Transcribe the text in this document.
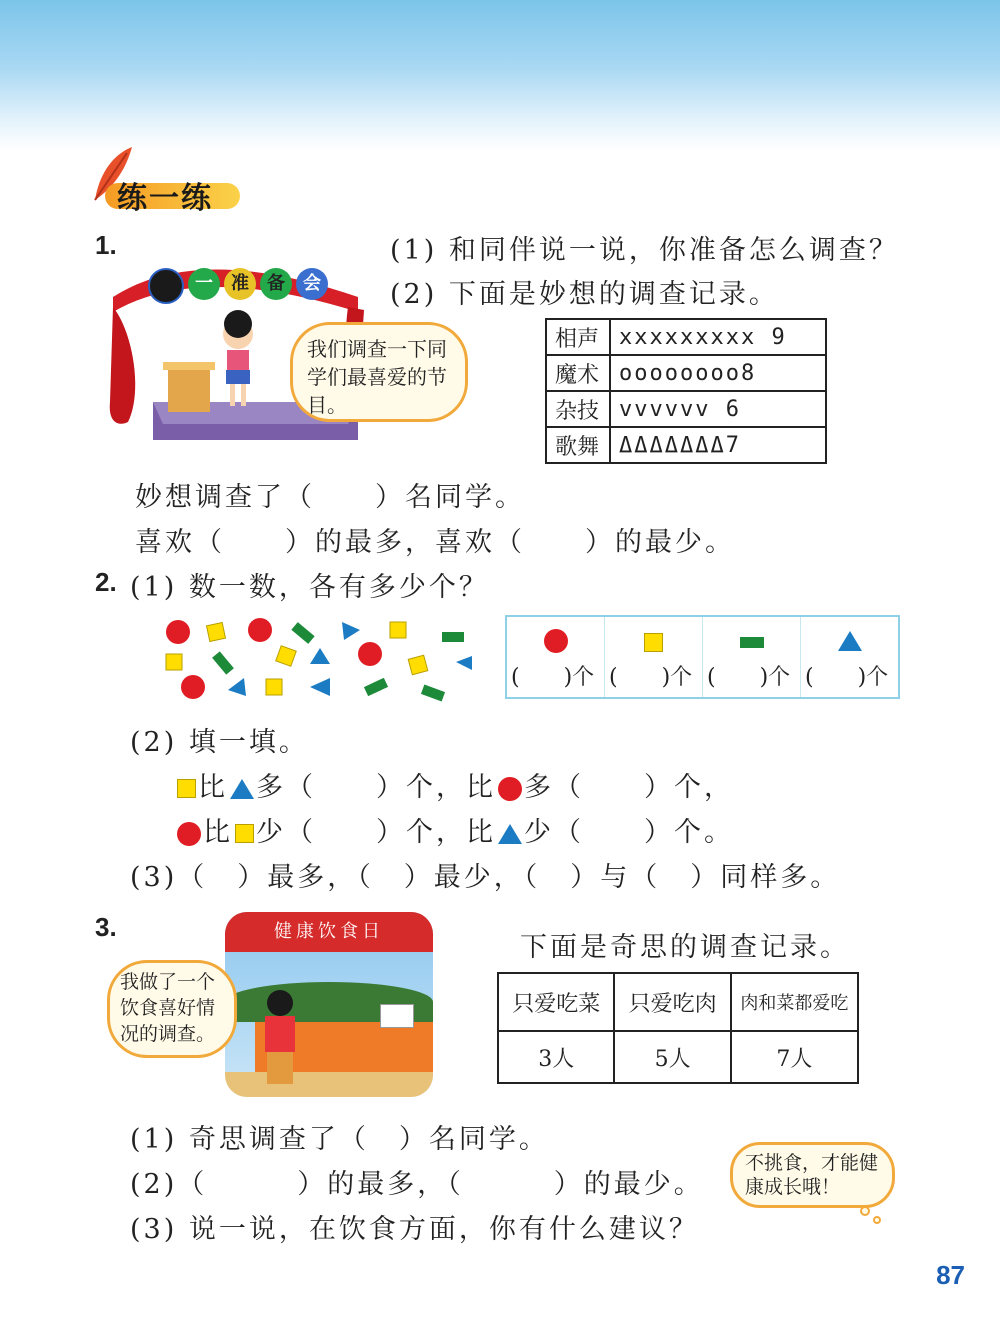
练一练
1.	(1) 和同伴说一说，你准备怎么调查？
(2) 下面是妙想的调查记录。
一	准	备	会
我们调查一下同学们最喜爱的节目。
相声	xxxxxxxxx 9
魔术	oooooooo8
杂技	vvvvvv 6
歌舞	ΔΔΔΔΔΔΔ7
妙想调查了（　　）名同学。
喜欢（　　）的最多，喜欢（　　）的最少。
2. (1) 数一数，各有多少个？
(　　)个 (　　)个 (　　)个 (　　)个
(2) 填一填。
比 多（　　）个，比 多（　　）个，
比 少（　　）个，比 少（　　）个。
(3)（　）最多，（　）最少，（　）与（　）同样多。
3.	健康饮食日
我做了一个饮食喜好情况的调查。
下面是奇思的调查记录。
只爱吃菜	只爱吃肉	肉和菜都爱吃
3人	5人	7人
(1) 奇思调查了（　）名同学。
(2)（　　　）的最多，（　　　）的最少。
(3) 说一说，在饮食方面，你有什么建议？
不挑食，才能健康成长哦！
87
